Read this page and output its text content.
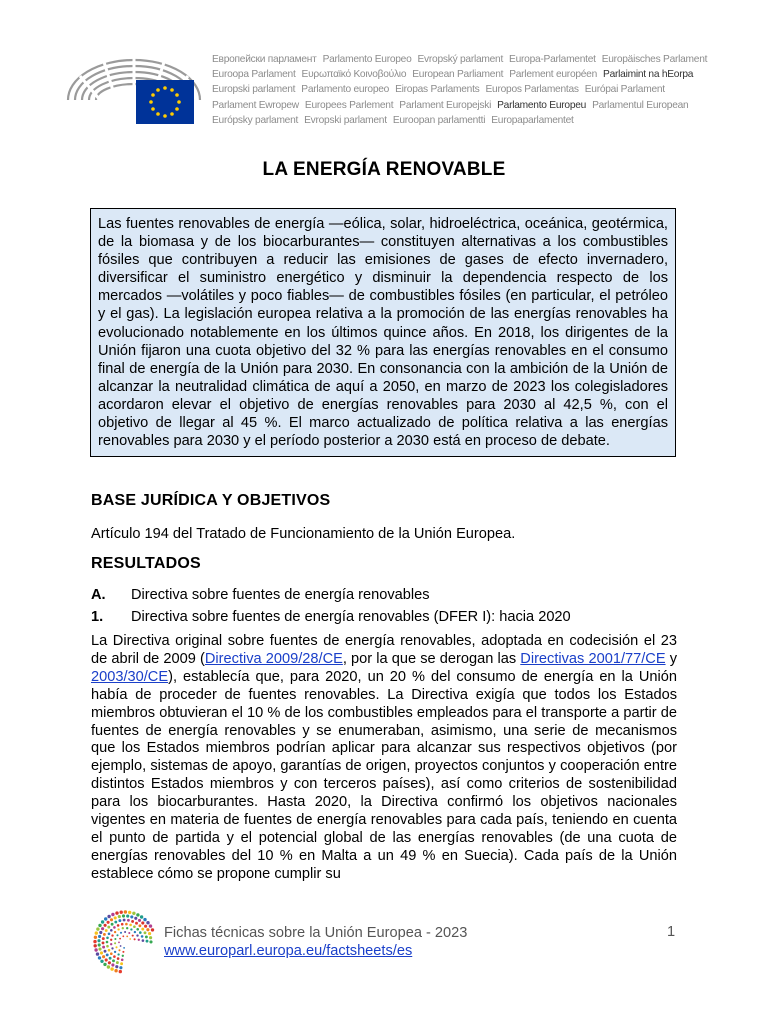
Европейски парламент Parlamento Europeo Evropský parlament Europa-Parlamentet Europäisches Parlament
Euroopa Parlament Ευρωπαϊκό Κοινοβούλιο European Parliament Parlement européen Parlaimint na hEorpa
Europski parlament Parlamento europeo Eiropas Parlaments Europos Parlamentas Európai Parlament
Parlament Ewropew Europees Parlement Parlament Europejski Parlamento Europeu Parlamentul European
Európsky parlament Evropski parlament Euroopan parlamentti Europaparlamentet
LA ENERGÍA RENOVABLE
Las fuentes renovables de energía —eólica, solar, hidroeléctrica, oceánica, geotérmica, de la biomasa y de los biocarburantes— constituyen alternativas a los combustibles fósiles que contribuyen a reducir las emisiones de gases de efecto invernadero, diversificar el suministro energético y disminuir la dependencia respecto de los mercados —volátiles y poco fiables— de combustibles fósiles (en particular, el petróleo y el gas). La legislación europea relativa a la promoción de las energías renovables ha evolucionado notablemente en los últimos quince años. En 2018, los dirigentes de la Unión fijaron una cuota objetivo del 32 % para las energías renovables en el consumo final de energía de la Unión para 2030. En consonancia con la ambición de la Unión de alcanzar la neutralidad climática de aquí a 2050, en marzo de 2023 los colegisladores acordaron elevar el objetivo de energías renovables para 2030 al 42,5 %, con el objetivo de llegar al 45 %. El marco actualizado de política relativa a las energías renovables para 2030 y el período posterior a 2030 está en proceso de debate.
BASE JURÍDICA Y OBJETIVOS

Artículo 194 del Tratado de Funcionamiento de la Unión Europea.

RESULTADOS
A. Directiva sobre fuentes de energía renovables
1. Directiva sobre fuentes de energía renovables (DFER I): hacia 2020

La Directiva original sobre fuentes de energía renovables, adoptada en codecisión el 23 de abril de 2009 (Directiva 2009/28/CE, por la que se derogan las Directivas 2001/77/CE y 2003/30/CE), establecía que, para 2020, un 20 % del consumo de energía en la Unión había de proceder de fuentes renovables. La Directiva exigía que todos los Estados miembros obtuvieran el 10 % de los combustibles empleados para el transporte a partir de fuentes de energía renovables y se enumeraban, asimismo, una serie de mecanismos que los Estados miembros podrían aplicar para alcanzar sus respectivos objetivos (por ejemplo, sistemas de apoyo, garantías de origen, proyectos conjuntos y cooperación entre distintos Estados miembros y con terceros países), así como criterios de sostenibilidad para los biocarburantes. Hasta 2020, la Directiva confirmó los objetivos nacionales vigentes en materia de fuentes de energía renovables para cada país, teniendo en cuenta el punto de partida y el potencial global de las energías renovables (de una cuota de energías renovables del 10 % en Malta a un 49 % en Suecia). Cada país de la Unión establece cómo se propone cumplir su

Fichas técnicas sobre la Unión Europea - 2023
www.europarl.europa.eu/factsheets/es
1
